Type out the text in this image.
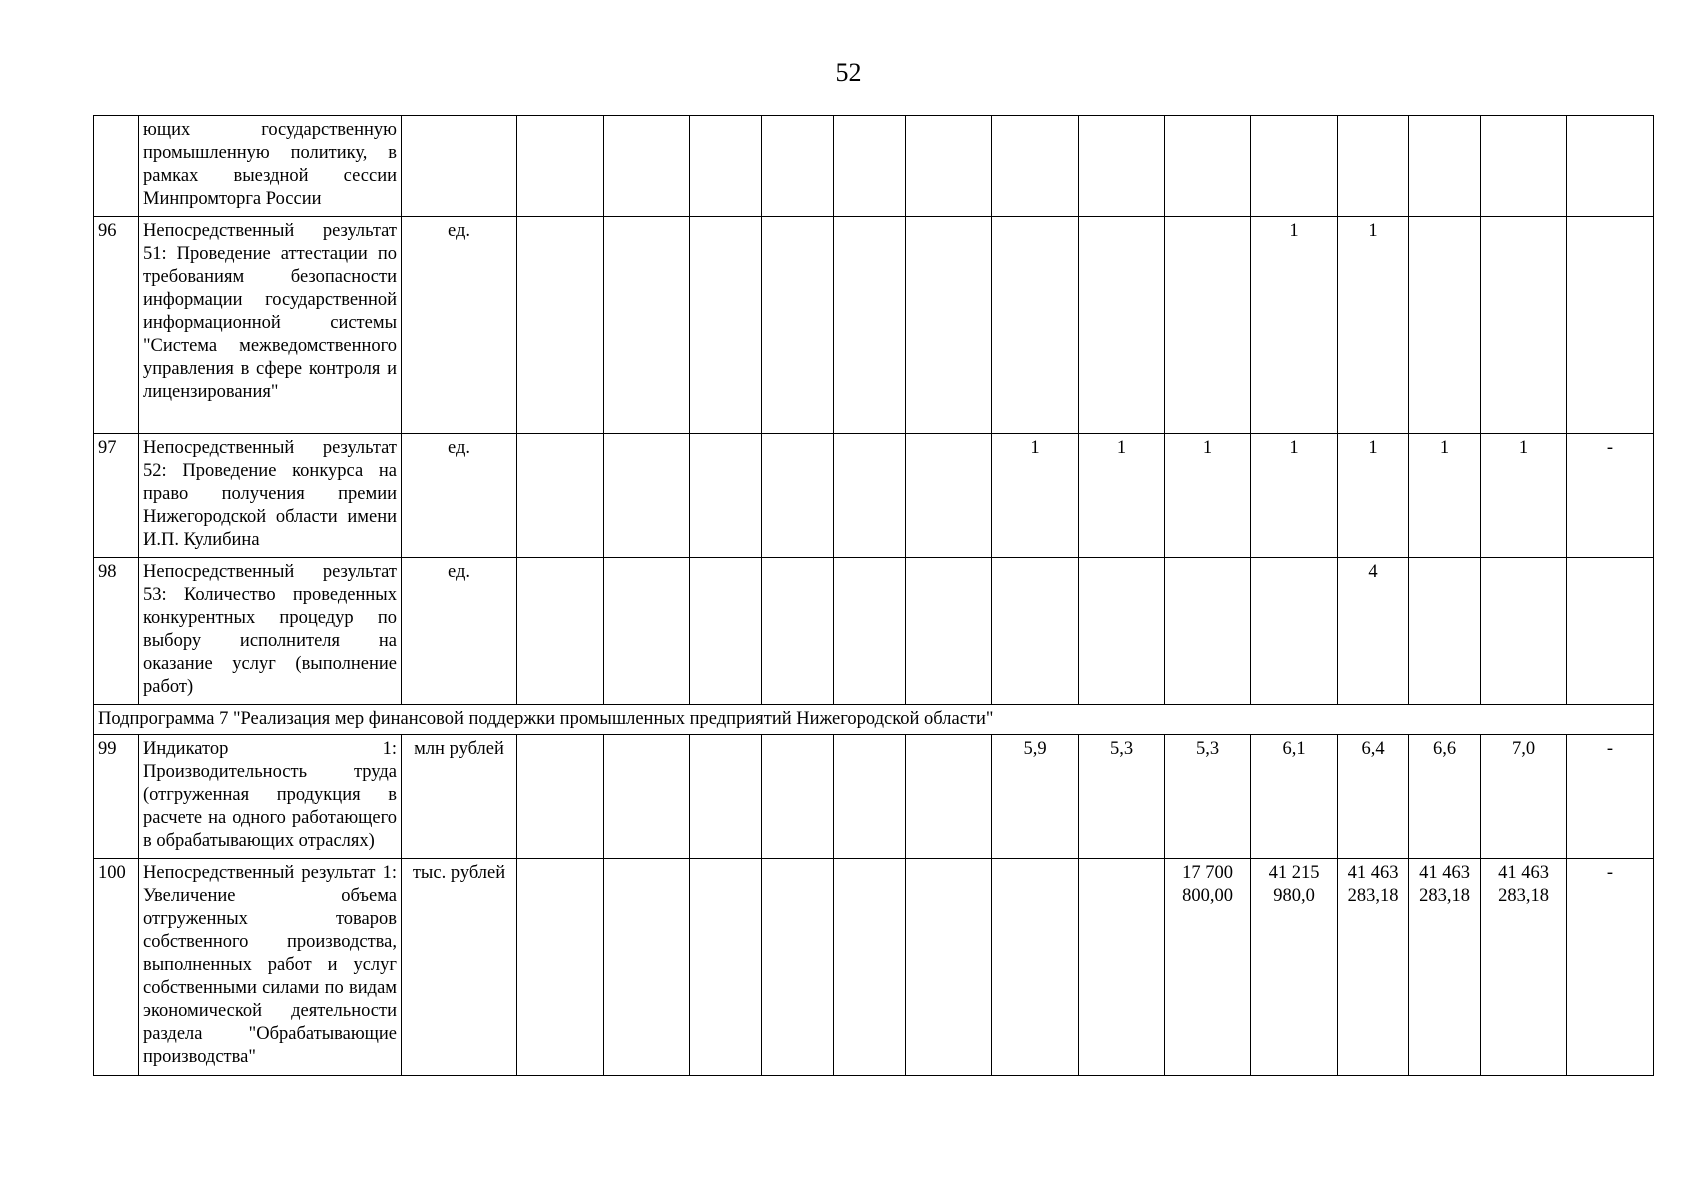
52
	ющих государственную промышленную политику, в рамках выездной сессии Минпромторга России															
96	Непосредственный результат 51: Проведение аттестации по требованиям безопасности информации государственной информационной системы "Система межведомственного управления в сфере контроля и лицензирования"	ед.										1	1			
97	Непосредственный результат 52: Проведение конкурса на право получения премии Нижегородской области имени И.П. Кулибина	ед.							1	1	1	1	1	1	1	-
98	Непосредственный результат 53: Количество проведенных конкурентных процедур по выбору исполнителя на оказание услуг (выполнение работ)	ед.											4			
Подпрограмма 7 "Реализация мер финансовой поддержки промышленных предприятий Нижегородской области"																
99	Индикатор 1: Производительность труда (отгруженная продукция в расчете на одного работающего в обрабатывающих отраслях)	млн рублей							5,9	5,3	5,3	6,1	6,4	6,6	7,0	-
100	Непосредственный результат 1: Увеличение объема отгруженных товаров собственного производства, выполненных работ и услуг собственными силами по видам экономической деятельности раздела "Обрабатывающие производства"	тыс. рублей									17 700 800,00	41 215 980,0	41 463 283,18	41 463 283,18	41 463 283,18	-
